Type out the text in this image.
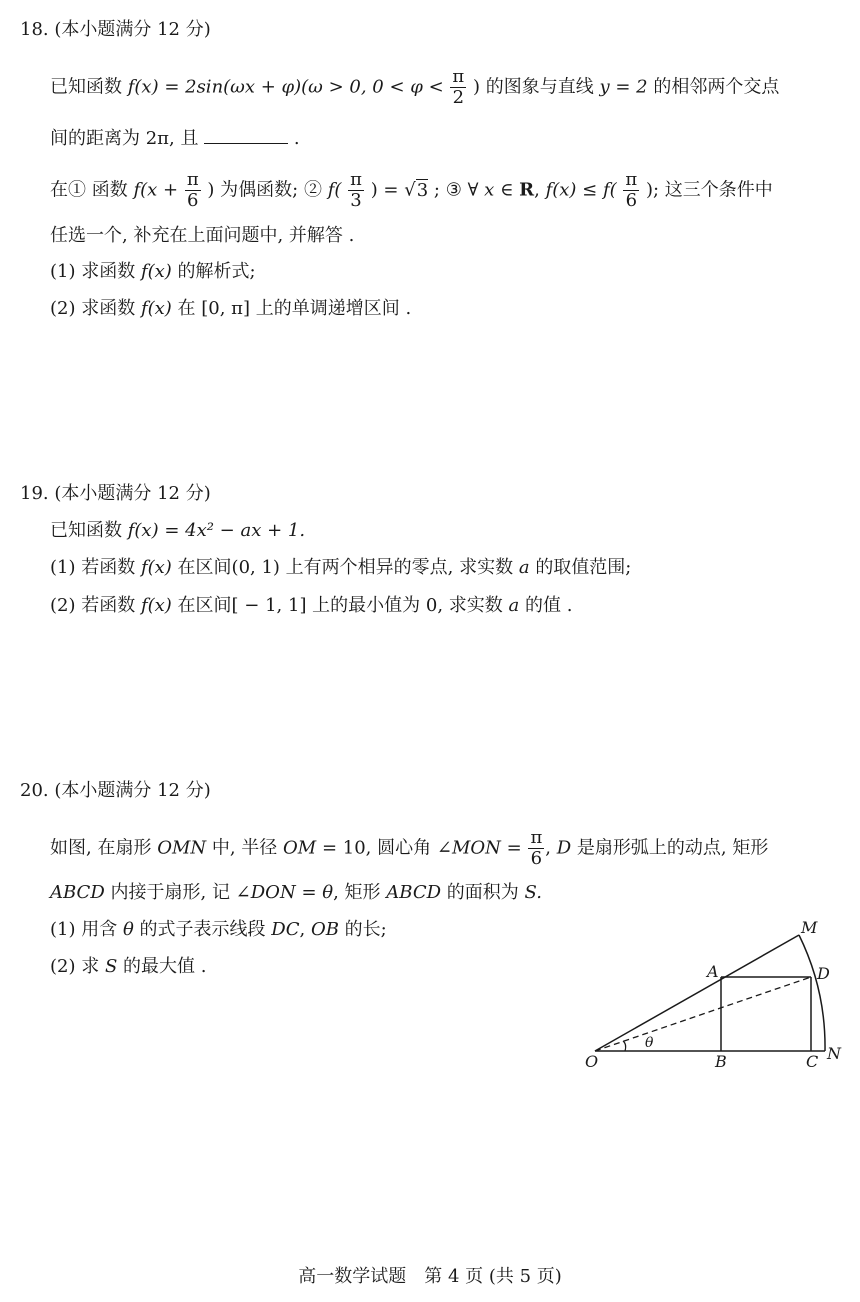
18. (本小题满分 12 分)
已知函数 f(x) = 2sin(ωx + φ)(ω > 0, $0 < \varphi < \frac{\pi}{2}$ ) 的图象与直线 y = 2 的相邻两个交点
间的距离为 2π, 且	.
在① 函数 $f(x + \frac{\pi}{6}$ ) 为偶函数; ② $f( \frac{\pi}{3}$ ) = √3 ; ③ ∀ x ∈ R, $f(x) \le f( \frac{\pi}{6}$ ); 这三个条件中
任选一个, 补充在上面问题中, 并解答 .
(1) 求函数 f(x) 的解析式;
(2) 求函数 f(x) 在 [0, π] 上的单调递增区间 .
19. (本小题满分 12 分)
已知函数 f(x) = 4x² − ax + 1.
(1) 若函数 f(x) 在区间(0, 1) 上有两个相异的零点, 求实数 a 的取值范围;
(2) 若函数 f(x) 在区间[ − 1, 1] 上的最小值为 0, 求实数 a 的值 .
20. (本小题满分 12 分)
如图, 在扇形 OMN 中, 半径 OM = 10, 圆心角 ∠MON = $\frac{\pi}{6}$ , D 是扇形弧上的动点, 矩形
ABCD 内接于扇形, 记 ∠DON = θ, 矩形 ABCD 的面积为 S.
(1) 用含 θ 的式子表示线段 DC, OB 的长;
(2) 求 S 的最大值 .
O	B	C N
A	D
M
θ
高一数学试题　第 4 页 (共 5 页)
